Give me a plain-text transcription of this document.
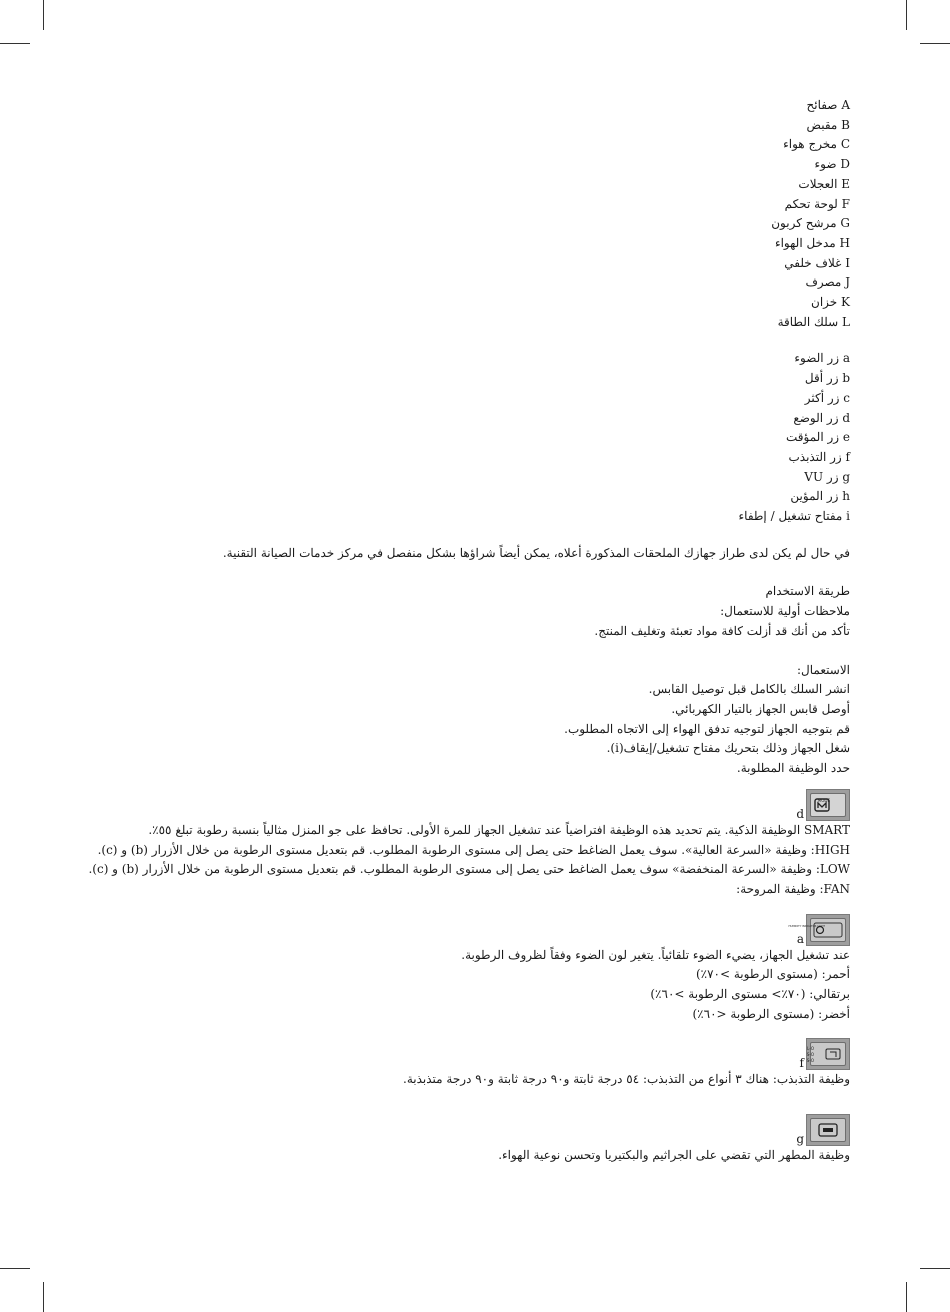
A صفائح
B مقبض
C مخرج هواء
D ضوء
E العجلات
F لوحة تحكم
G مرشح كربون
H مدخل الهواء
I غلاف خلفي
J مصرف
K خزان
L سلك الطاقة
a زر الضوء
b زر أقل
c زر أكثر
d زر الوضع
e زر المؤقت
f زر التذبذب
g زر VU
h زر المؤين
i مفتاح تشغيل / إطفاء
في حال لم يكن لدى طراز جهازك الملحقات المذكورة أعلاه، يمكن أيضاً شراؤها بشكل منفصل في مركز خدمات الصيانة التقنية.
طريقة الاستخدام
ملاحظات أولية للاستعمال:
تأكد من أنك قد أزلت كافة مواد تعبئة وتغليف المنتج.
الاستعمال:
انشر السلك بالكامل قبل توصيل القابس.
أوصل قابس الجهاز بالتيار الكهربائي.
قم بتوجيه الجهاز لتوجيه تدفق الهواء إلى الاتجاه المطلوب.
شغل الجهاز وذلك بتحريك مفتاح تشغيل/إيقاف(i).
حدد الوظيفة المطلوبة.
MODE
d
SMART الوظيفة الذكية. يتم تحديد هذه الوظيفة افتراضياً عند تشغيل الجهاز للمرة الأولى. تحافظ على جو المنزل مثالياً بنسبة رطوبة تبلغ ٥٥٪.
HIGH: وظيفة «السرعة العالية». سوف يعمل الضاغط حتى يصل إلى مستوى الرطوبة المطلوب. قم بتعديل مستوى الرطوبة من خلال الأزرار (b) و (c).
LOW: وظيفة «السرعة المنخفضة» سوف يعمل الضاغط حتى يصل إلى مستوى الرطوبة المطلوب. قم بتعديل مستوى الرطوبة من خلال الأزرار (b) و (c).
FAN: وظيفة المروحة:
HUMIDITY INDICATOR LIGHT
a
عند تشغيل الجهاز، يضيء الضوء تلقائياً. يتغير لون الضوء وفقاً لظروف الرطوبة.
أحمر: (مستوى الرطوبة >٧٠٪)
برتقالي: (٧٠٪> مستوى الرطوبة >٦٠٪)
أخضر: (مستوى الرطوبة <٦٠٪)
L-O
S-O
S-O
f
وظيفة التذبذب: هناك ٣ أنواع من التذبذب: ٥٤ درجة ثابتة و٩٠ درجة ثابتة و٩٠ درجة متذبذبة.
g
وظيفة المطهر التي تقضي على الجراثيم والبكتيريا وتحسن نوعية الهواء.
